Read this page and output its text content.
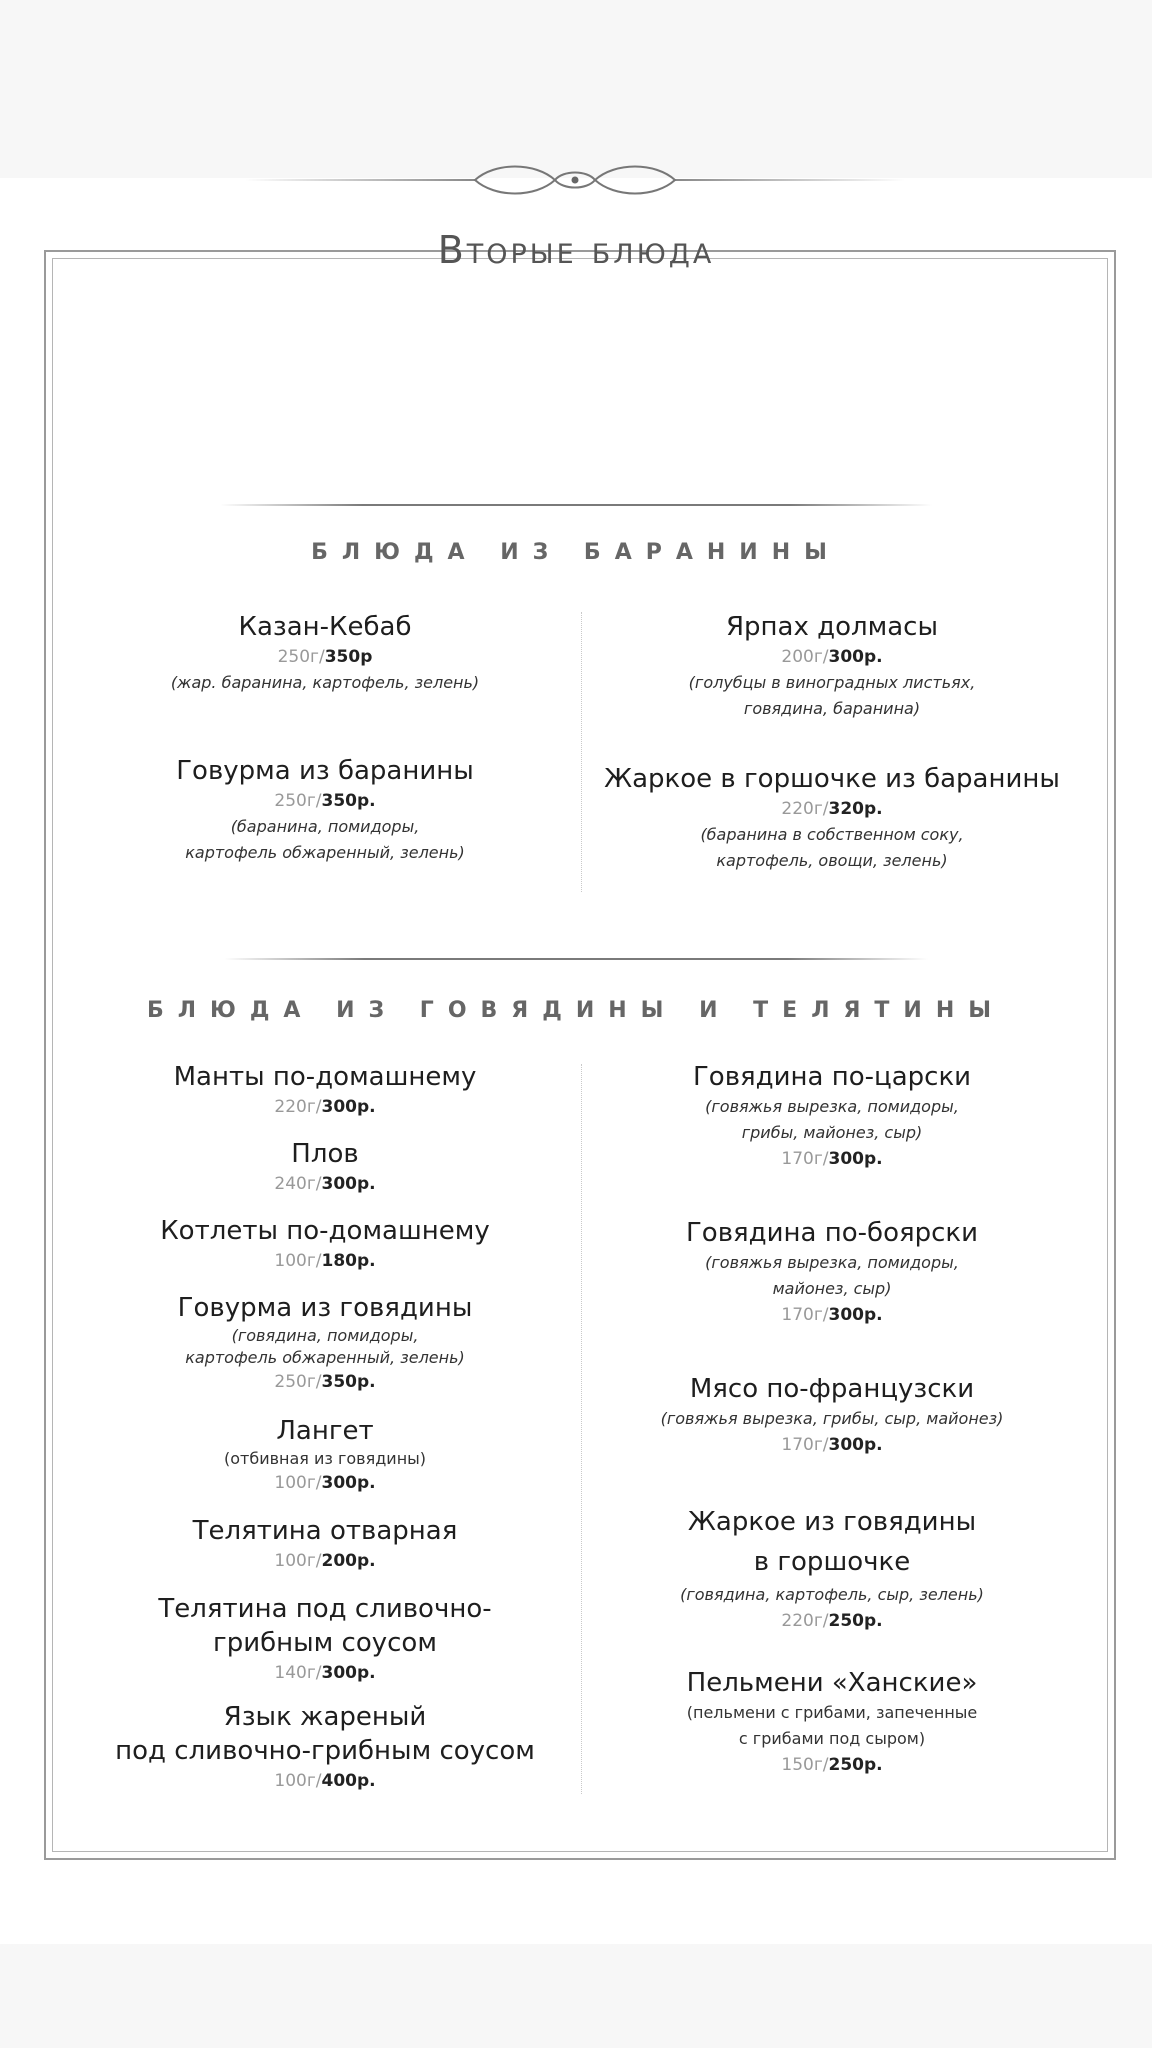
Вторые блюда
БЛЮДА ИЗ БАРАНИНЫ
Казан-Кебаб
250г/350р
(жар. баранина, картофель, зелень)
Говурма из баранины
250г/350р.
(баранина, помидоры,
картофель обжаренный, зелень)
Ярпах долмасы
200г/300р.
(голубцы в виноградных листьях,
говядина, баранина)
Жаркое в горшочке из баранины
220г/320р.
(баранина в собственном соку,
картофель, овощи, зелень)
БЛЮДА ИЗ ГОВЯДИНЫ И ТЕЛЯТИНЫ
Манты по-домашнему
220г/300р.
Плов
240г/300р.
Котлеты по-домашнему
100г/180р.
Говурма из говядины
(говядина, помидоры,
картофель обжаренный, зелень)
250г/350р.
Лангет
(отбивная из говядины)
100г/300р.
Телятина отварная
100г/200р.
Телятина под сливочно-
грибным соусом
140г/300р.
Язык жареный
под сливочно-грибным соусом
100г/400р.
Говядина по-царски
(говяжья вырезка, помидоры,
грибы, майонез, сыр)
170г/300р.
Говядина по-боярски
(говяжья вырезка, помидоры,
майонез, сыр)
170г/300р.
Мясо по-французски
(говяжья вырезка, грибы, сыр, майонез)
170г/300р.
Жаркое из говядины
в горшочке
(говядина, картофель, сыр, зелень)
220г/250р.
Пельмени «Ханские»
(пельмени с грибами, запеченные
с грибами под сыром)
150г/250р.
